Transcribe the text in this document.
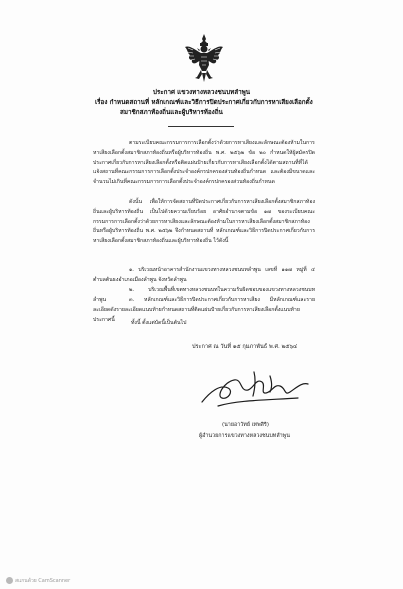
ประกาศ แขวงทางหลวงชนบทลำพูน
เรื่อง กำหนดสถานที่ หลักเกณฑ์และวิธีการปิดประกาศเกี่ยวกับการหาเสียงเลือกตั้ง
สมาชิกสภาท้องถิ่นและผู้บริหารท้องถิ่น

ตามระเบียบคณะกรรมการการเลือกตั้งว่าด้วยการหาเสียงและลักษณะต้องห้ามในการหาเสียงเลือกตั้งสมาชิกสภาท้องถิ่นหรือผู้บริหารท้องถิ่น พ.ศ. ๒๕๖๒ ข้อ ๒๐ กำหนดให้ผู้สมัครปิดประกาศเกี่ยวกับการหาเสียงเลือกตั้งหรือติดแผ่นป้ายเกี่ยวกับการหาเสียงเลือกตั้งได้ตามสถานที่ที่ได้แจ้งสถานที่คณะกรรมการการเลือกตั้งประจำองค์กรปกครองส่วนท้องถิ่นกำหนด และต้องมีขนาดและจำนวนไม่เกินที่คณะกรรมการการเลือกตั้งประจำองค์กรปกครองส่วนท้องถิ่นกำหนด

ดังนั้น เพื่อให้การจัดสถานที่ปิดประกาศเกี่ยวกับการหาเสียงเลือกตั้งสมาชิกสภาท้องถิ่นและผู้บริหารท้องถิ่น เป็นไปด้วยความเรียบร้อย อาศัยอำนาจตามข้อ ๑๗ ของระเบียบคณะกรรมการการเลือกตั้งว่าด้วยการหาเสียงและลักษณะต้องห้ามในการหาเสียงเลือกตั้งสมาชิกสภาท้องถิ่นหรือผู้บริหารท้องถิ่น พ.ศ. ๒๕๖๒ จึงกำหนดสถานที่ หลักเกณฑ์และวิธีการปิดประกาศเกี่ยวกับการหาเสียงเลือกตั้งสมาชิกสภาท้องถิ่นและผู้บริหารท้องถิ่น ไว้ดังนี้

๑. บริเวณหน้าอาคารสำนักงานแขวงทางหลวงชนบทลำพูน เลขที่ ๑๑๗ หมู่ที่ ๔ ตำบลต้นธงอำเภอเมืองลำพูน จังหวัดลำพูน

๒. บริเวณพื้นที่เขตทางหลวงชนบทในความรับผิดชอบของแขวงทางหลวงชนบทลำพูน	๓. หลักเกณฑ์และวิธีการปิดประกาศเกี่ยวกับการหาเสียง มีหลักเกณฑ์และรายละเอียดดังรายละเอียดแนบท้ายกำหนดสถานที่ติดแผ่นป้ายเกี่ยวกับการหาเสียงเลือกตั้งแนบท้ายประกาศนี้

ทั้งนี้ ตั้งแต่บัดนี้เป็นต้นไป
ประกาศ ณ วันที่ ๑๕ กุมภาพันธ์ พ.ศ. ๒๕๖๔
(นายอาวัทย์ เทพสิริ)
ผู้อำนวยการแขวงทางหลวงชนบทลำพูน
สแกนด้วย CamScanner
